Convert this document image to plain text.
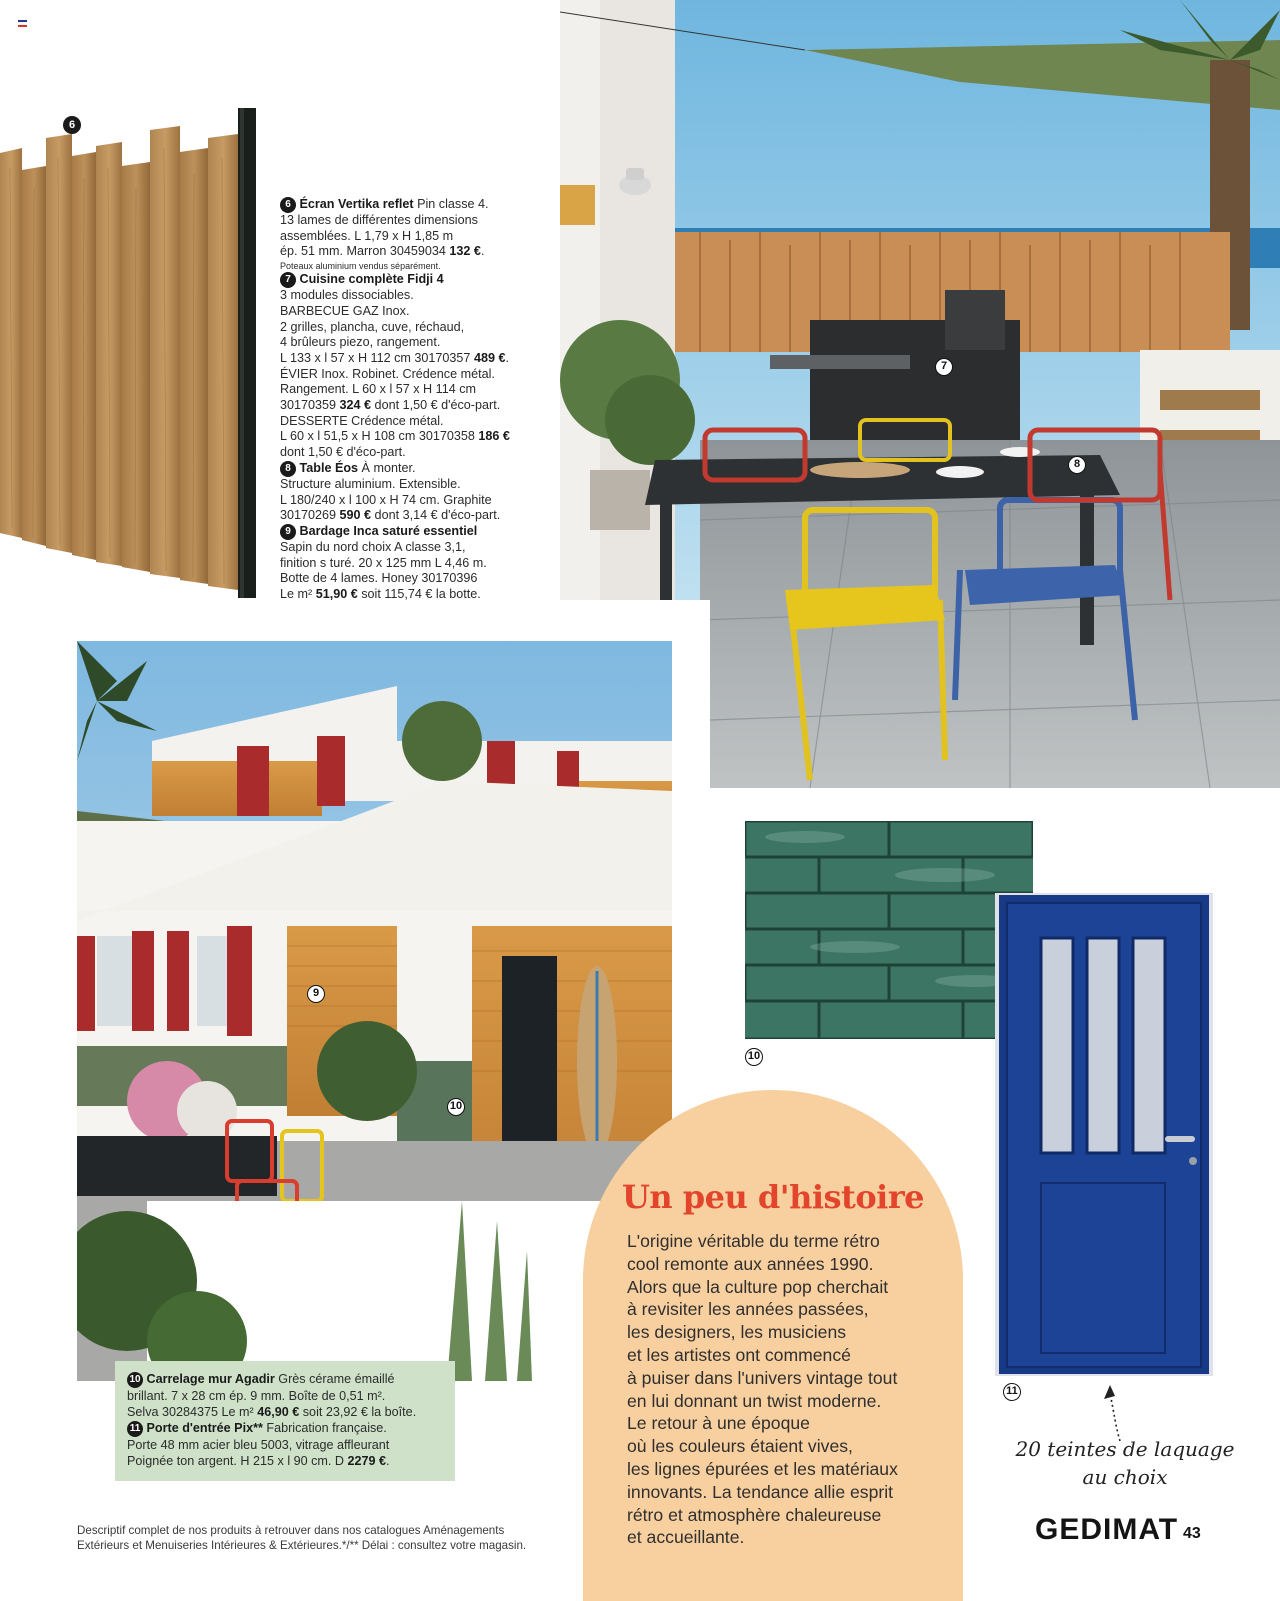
6
6 Écran Vertika reflet Pin classe 4.
13 lames de différentes dimensions
assemblées. L 1,79 x H 1,85 m
ép. 51 mm. Marron 30459034 132 €.
Poteaux aluminium vendus séparément.
7 Cuisine complète Fidji 4
3 modules dissociables.
BARBECUE GAZ Inox.
2 grilles, plancha, cuve, réchaud,
4 brûleurs piezo, rangement.
L 133 x l 57 x H 112 cm 30170357 489 €.
ÉVIER Inox. Robinet. Crédence métal.
Rangement. L 60 x l 57 x H 114 cm
30170359 324 € dont 1,50 € d'éco-part.
DESSERTE Crédence métal.
L 60 x l 51,5 x H 108 cm 30170358 186 €
dont 1,50 € d'éco-part.
8 Table Éos À monter.
Structure aluminium. Extensible.
L 180/240 x l 100 x H 74 cm. Graphite
30170269 590 € dont 3,14 € d'éco-part.
9 Bardage Inca saturé essentiel
Sapin du nord choix A classe 3,1,
finition s turé. 20 x 125 mm L 4,46 m.
Botte de 4 lames. Honey 30170396
Le m² 51,90 € soit 115,74 € la botte.
7
8
9
10
10
11
10 Carrelage mur Agadir Grès cérame émaillé
brillant. 7 x 28 cm ép. 9 mm. Boîte de 0,51 m².
Selva 30284375 Le m² 46,90 € soit 23,92 € la boîte.
11 Porte d'entrée Pix** Fabrication française.
Porte 48 mm acier bleu 5003, vitrage affleurant
Poignée ton argent. H 215 x l 90 cm. D 2279 €.
Un peu d'histoire
L'origine véritable du terme rétro
cool remonte aux années 1990.
Alors que la culture pop cherchait
à revisiter les années passées,
les designers, les musiciens
et les artistes ont commencé
à puiser dans l'univers vintage tout
en lui donnant un twist moderne.
Le retour à une époque
où les couleurs étaient vives,
les lignes épurées et les matériaux
innovants. La tendance allie esprit
rétro et atmosphère chaleureuse
et accueillante.
20 teintes de laquage
au choix
Descriptif complet de nos produits à retrouver dans nos catalogues Aménagements
Extérieurs et Menuiseries Intérieures & Extérieures.*/** Délai : consultez votre magasin.	GEDIMAT 43
